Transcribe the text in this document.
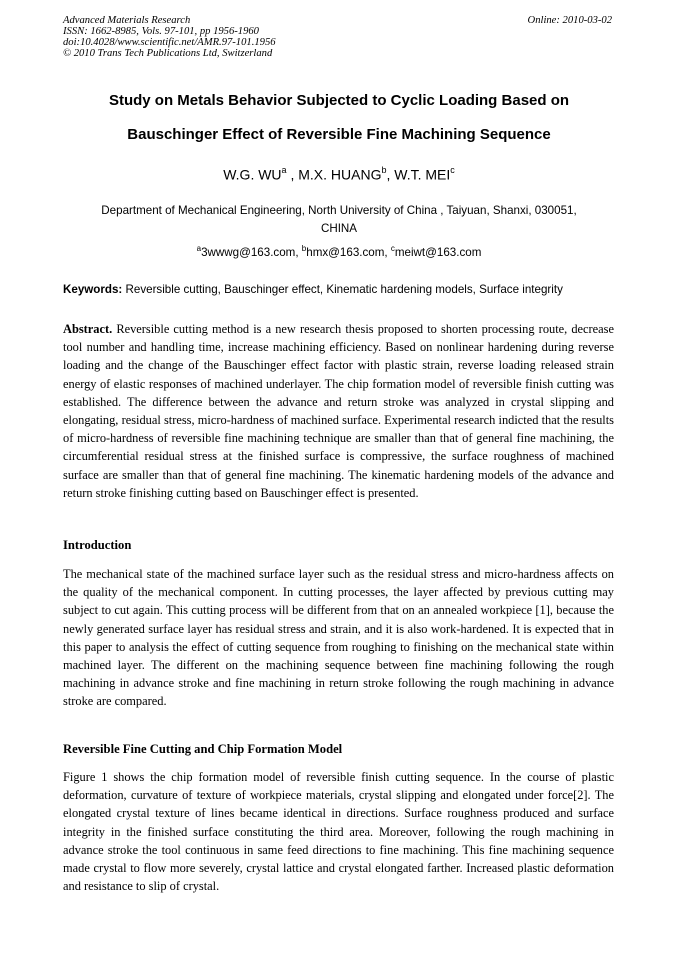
Advanced Materials Research
ISSN: 1662-8985, Vols. 97-101, pp 1956-1960
doi:10.4028/www.scientific.net/AMR.97-101.1956
© 2010 Trans Tech Publications Ltd, Switzerland
Online: 2010-03-02
Study on Metals Behavior Subjected to Cyclic Loading Based on
Bauschinger Effect of Reversible Fine Machining Sequence
W.G. $WU^a$ , M.X. HUANG$^b$, W.T. MEI$^c$
Department of Mechanical Engineering, North University of China , Taiyuan, Shanxi, 030051,
CHINA
$^a$3wwwg@163.com, $^b$hmx@163.com, $^c$meiwt@163.com
Keywords: Reversible cutting, Bauschinger effect, Kinematic hardening models, Surface integrity
Abstract. Reversible cutting method is a new research thesis proposed to shorten processing route, decrease tool number and handling time, increase machining efficiency. Based on nonlinear hardening during reverse loading and the change of the Bauschinger effect factor with plastic strain, reverse loading released strain energy of elastic responses of machined underlayer. The chip formation model of reversible finish cutting was established. The difference between the advance and return stroke was analyzed in crystal slipping and elongating, residual stress, micro-hardness of machined surface. Experimental research indicted that the results of micro-hardness of reversible fine machining technique are smaller than that of general fine machining, the circumferential residual stress at the finished surface is compressive, the surface roughness of machined surface are smaller than that of general fine machining. The kinematic hardening models of the advance and return stroke finishing cutting based on Bauschinger effect is presented.
Introduction
The mechanical state of the machined surface layer such as the residual stress and micro-hardness affects on the quality of the mechanical component. In cutting processes, the layer affected by previous cutting may subject to cut again. This cutting process will be different from that on an annealed workpiece [1], because the newly generated surface layer has residual stress and strain, and it is also work-hardened. It is expected that in this paper to analysis the effect of cutting sequence from roughing to finishing on the mechanical state within machined layer. The different on the machining sequence between fine machining following the rough machining in advance stroke and fine machining in return stroke following the rough machining in advance stroke are compared.
Reversible Fine Cutting and Chip Formation Model
Figure 1 shows the chip formation model of reversible finish cutting sequence. In the course of plastic deformation, curvature of texture of workpiece materials, crystal slipping and elongated under force[2]. The elongated crystal texture of lines became identical in directions. Surface roughness produced and surface integrity in the finished surface constituting the third area. Moreover, following the rough machining in advance stroke the tool continuous in same feed directions to fine machining. This fine machining sequence made crystal to flow more severely, crystal lattice and crystal elongated farther. Increased plastic deformation and resistance to slip of crystal.
